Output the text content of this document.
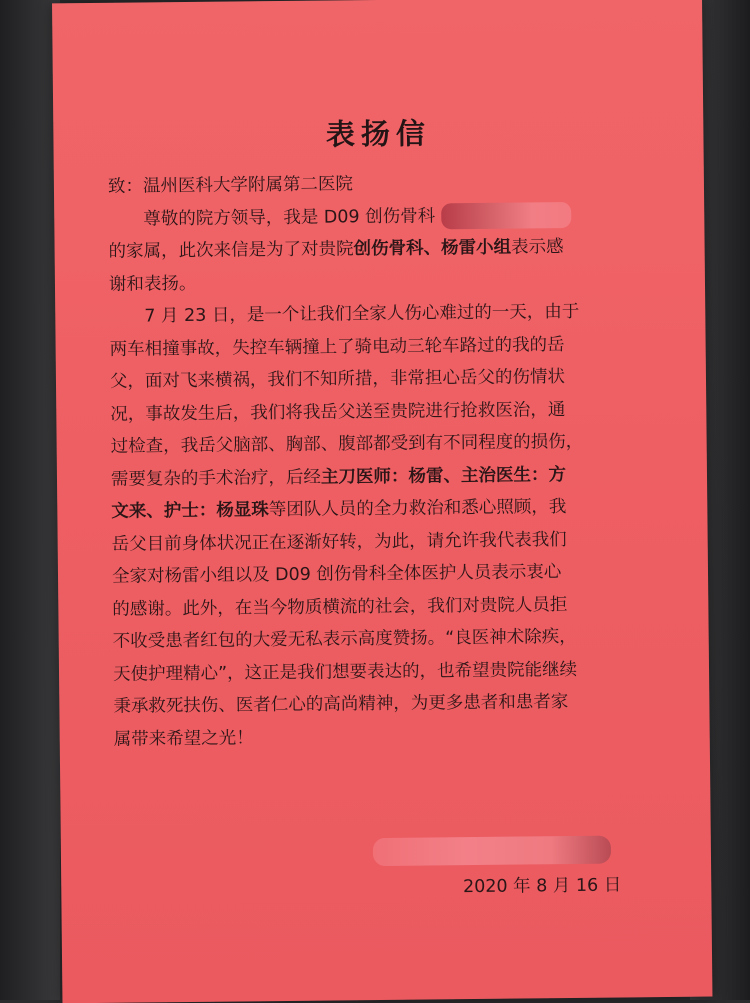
表扬信
致：温州医科大学附属第二医院
尊敬的院方领导，我是 D09 创伤骨科
的家属，此次来信是为了对贵院创伤骨科、杨雷小组表示感
谢和表扬。
7 月 23 日，是一个让我们全家人伤心难过的一天，由于
两车相撞事故，失控车辆撞上了骑电动三轮车路过的我的岳
父，面对飞来横祸，我们不知所措，非常担心岳父的伤情状
况，事故发生后，我们将我岳父送至贵院进行抢救医治，通
过检查，我岳父脑部、胸部、腹部都受到有不同程度的损伤，
需要复杂的手术治疗，后经主刀医师：杨雷、主治医生：方
文来、护士：杨显珠等团队人员的全力救治和悉心照顾，我
岳父目前身体状况正在逐渐好转，为此，请允许我代表我们
全家对杨雷小组以及 D09 创伤骨科全体医护人员表示衷心
的感谢。此外，在当今物质横流的社会，我们对贵院人员拒
不收受患者红包的大爱无私表示高度赞扬。“良医神术除疾，
天使护理精心”，这正是我们想要表达的，也希望贵院能继续
秉承救死扶伤、医者仁心的高尚精神，为更多患者和患者家
属带来希望之光！
2020 年 8 月 16 日
